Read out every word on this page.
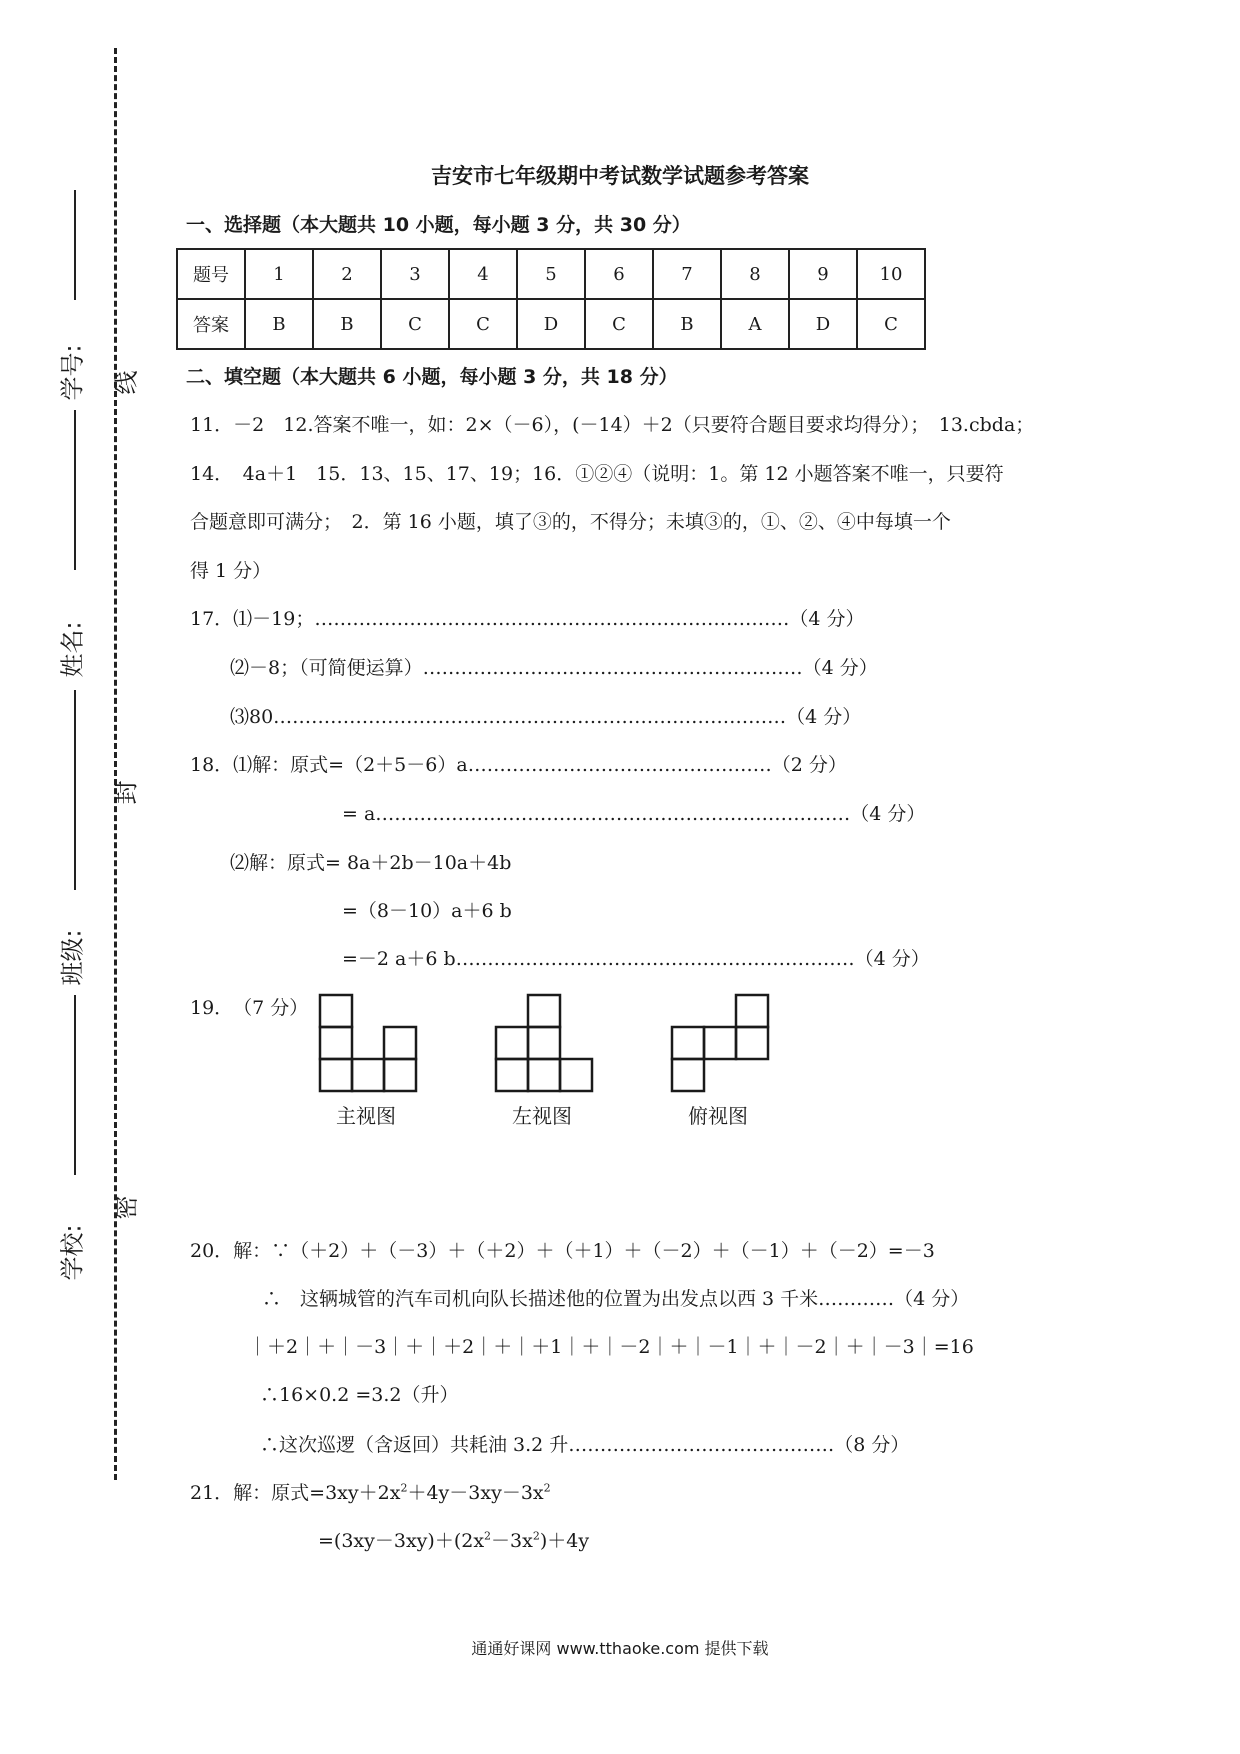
学号:
姓名:
班级:
学校:
线
封
密
吉安市七年级期中考试数学试题参考答案
一、选择题（本大题共 10 小题，每小题 3 分，共 30 分）
题号	1	2	3	4	5	6	7	8	9	10
答案	B	B	C	C	D	C	B	A	D	C
二、填空题（本大题共 6 小题，每小题 3 分，共 18 分）
11．－2　12.答案不唯一，如：2×（－6），(－14）＋2（只要符合题目要求均得分）；　13.cbda；
14．　4a＋1　15．13、15、17、19；16．①②④（说明：1。第 12 小题答案不唯一，只要符
合题意即可满分；　2．第 16 小题，填了③的，不得分；未填③的，①、②、④中每填一个
得 1 分）
17．⑴－19；…………………………………………………………………（4 分）
⑵－8；（可简便运算）……………………………………………………（4 分）
⑶80………………………………………………………………………（4 分）
18．⑴解：原式=（2＋5－6）a…………………………………………（2 分）
= a…………………………………………………………………（4 分）
⑵解：原式= 8a＋2b－10a＋4b
=（8－10）a＋6 b
=－2 a＋6 b………………………………………………………（4 分）
19．　（7 分）
主视图	左视图	俯视图
20．解：∵（＋2）＋（－3）＋（＋2）＋（＋1）＋（－2）＋（－1）＋（－2）=－3
∴　这辆城管的汽车司机向队长描述他的位置为出发点以西 3 千米…………（4 分）
｜＋2｜＋｜－3｜＋｜＋2｜＋｜＋1｜＋｜－2｜＋｜－1｜＋｜－2｜＋｜－3｜=16
∴16×0.2 =3.2（升）
∴这次巡逻（含返回）共耗油 3.2 升……………………………………（8 分）
21．解：原式$=3xy+2x^2+4y-3xy-3x^2$
$=(3xy-3xy)+(2x^2-3x^2)+4y$
通通好课网 www.tthaoke.com 提供下载
